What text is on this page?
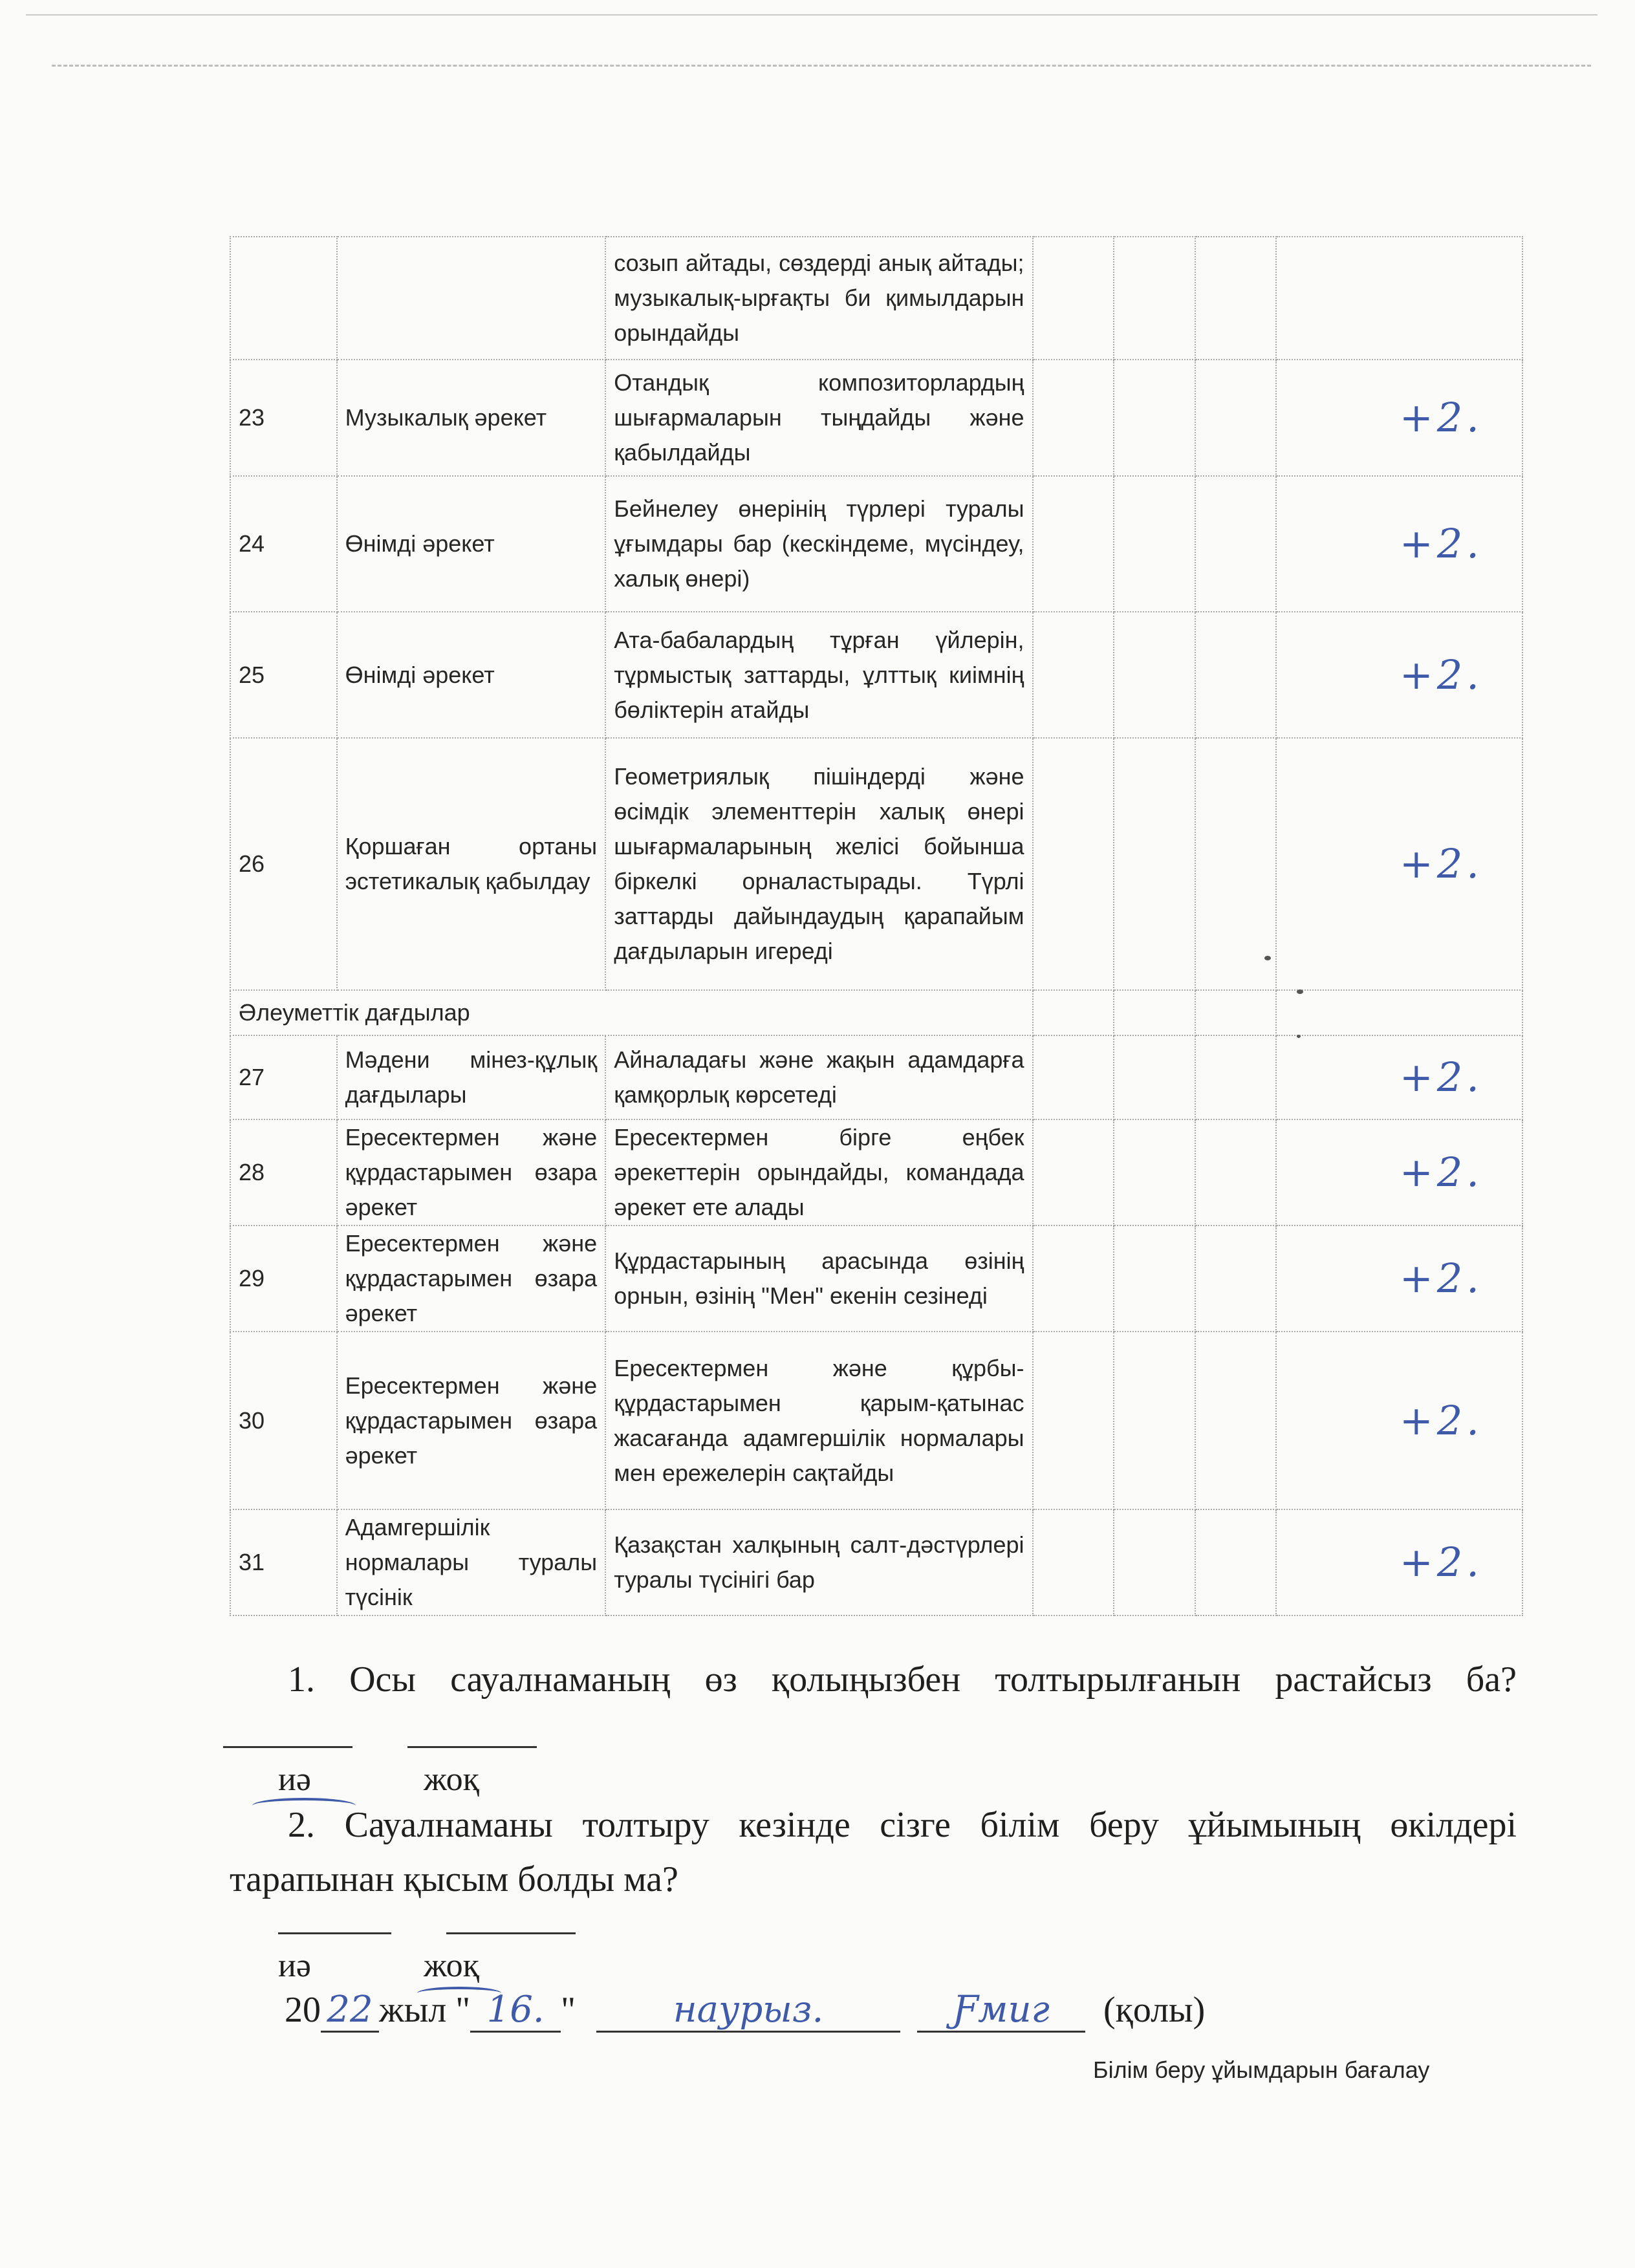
		созып айтады, сөздерді анық айтады; музыкалық-ырғақты би қимылдарын орындайды				

23	Музыкалық әрекет	Отандық композиторлардың шығармаларын тыңдайды және қабылдайды				+2.

24	Өнімді әрекет	Бейнелеу өнерінің түрлері туралы ұғымдары бар (кескіндеме, мүсіндеу, халық өнері)				+2.

25	Өнімді әрекет	Ата-бабалардың тұрған үйлерін, тұрмыстық заттарды, ұлттық киімнің бөліктерін атайды				+2.

26	Қоршаған ортаны эстетикалық қабылдау	Геометриялық пішіндерді және өсімдік элементтерін халық өнері шығармаларының желісі бойынша біркелкі орналастырады. Түрлі заттарды дайындаудың қарапайым дағдыларын игереді				+2.

Әлеуметтік дағдылар						
27	Мәдени мінез-құлық дағдылары	Айналадағы және жақын адамдарға қамқорлық көрсетеді				+2.

28	Ересектермен және құрдастарымен өзара әрекет	Ересектермен бірге еңбек әрекеттерін орындайды, командада әрекет ете алады				+2.

29	Ересектермен және құрдастарымен өзара әрекет	Құрдастарының арасында өзінің орнын, өзінің "Мен" екенін сезінеді				+2.

30	Ересектермен және құрдастарымен өзара әрекет	Ересектермен және құрбы-құрдастарымен қарым-қатынас жасағанда адамгершілік нормалары мен ережелерін сақтайды				+2.

31	Адамгершілік нормалары туралы түсінік	Қазақстан халқының салт-дәстүрлері туралы түсінігі бар				+2.
1. Осы сауалнаманың өз қолыңызбен толтырылғанын растайсыз ба?
иә	жоқ
2. Сауалнаманы толтыру кезінде сізге білім беру ұйымының өкілдері тарапынан қысым болды ма?
иә	жоқ
20 22 жыл " 16. "	наурыз.	Ƒмиг (қолы)
Білім беру ұйымдарын бағалау
